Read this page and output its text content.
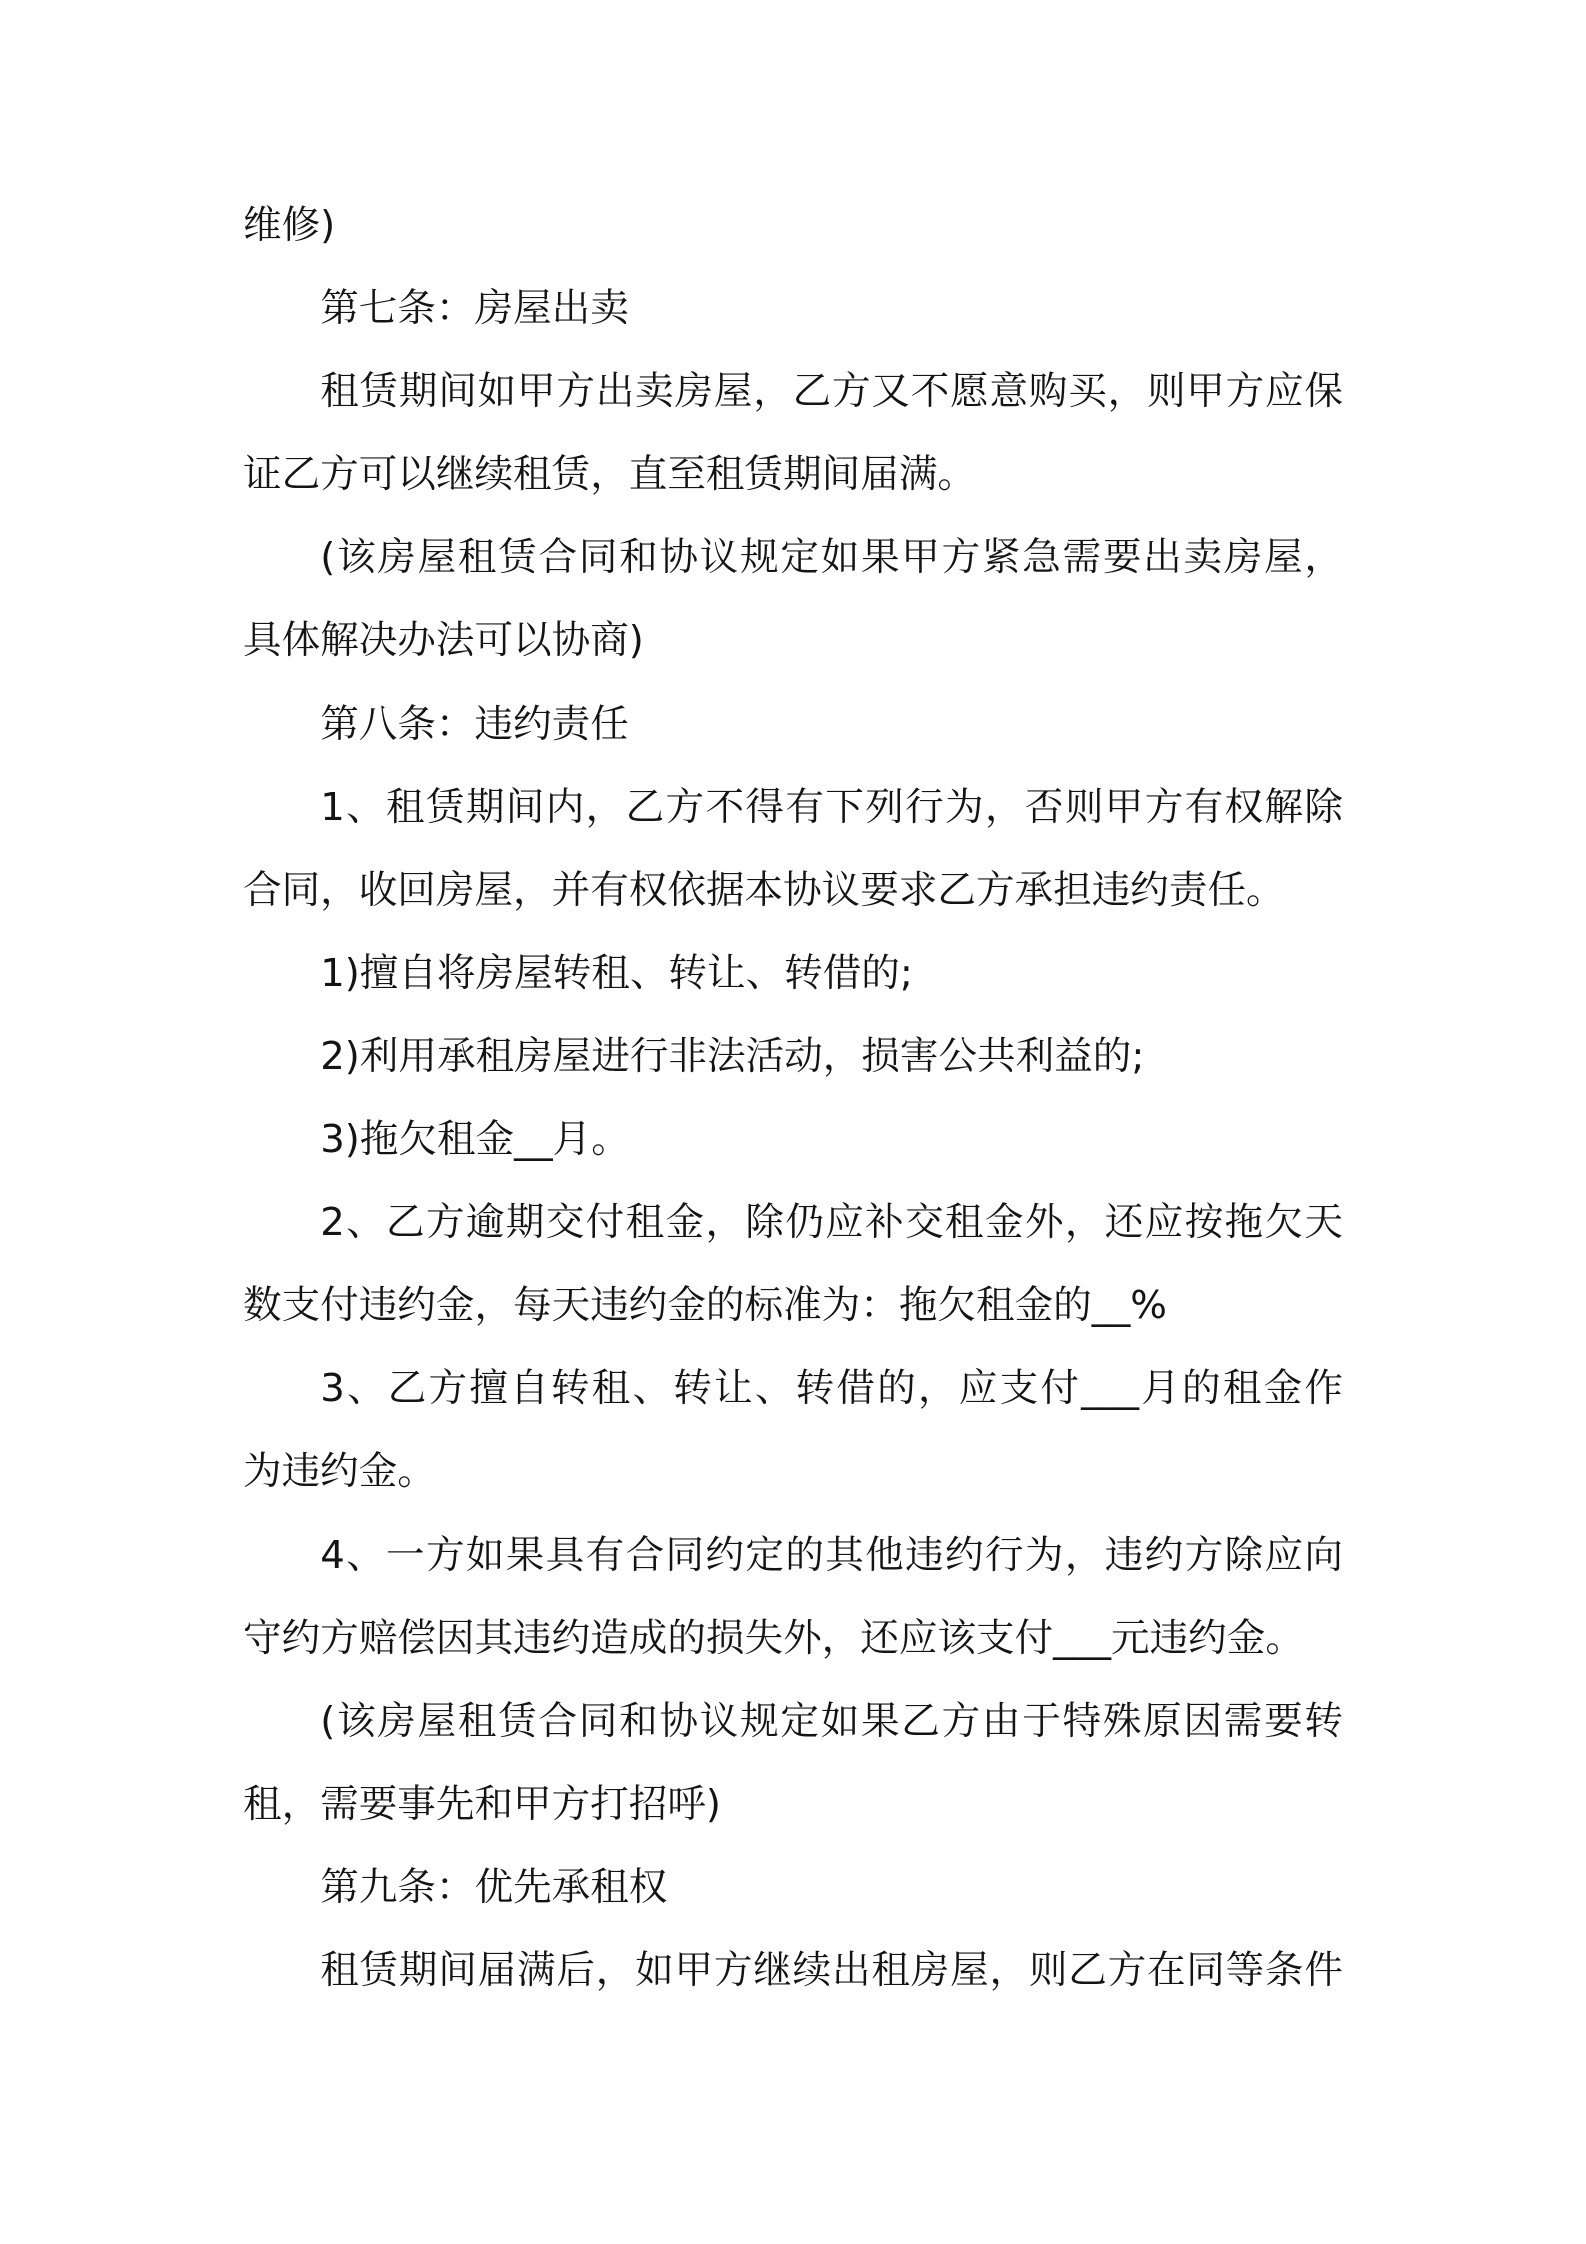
维修)
第七条：房屋出卖
租赁期间如甲方出卖房屋，乙方又不愿意购买，则甲方应保
证乙方可以继续租赁，直至租赁期间届满。
(该房屋租赁合同和协议规定如果甲方紧急需要出卖房屋，
具体解决办法可以协商)
第八条：违约责任
1、租赁期间内，乙方不得有下列行为，否则甲方有权解除
合同，收回房屋，并有权依据本协议要求乙方承担违约责任。
1)擅自将房屋转租、转让、转借的;
2)利用承租房屋进行非法活动，损害公共利益的;
3)拖欠租金__月。
2、乙方逾期交付租金，除仍应补交租金外，还应按拖欠天
数支付违约金，每天违约金的标准为：拖欠租金的__%
3、乙方擅自转租、转让、转借的，应支付___月的租金作
为违约金。
4、一方如果具有合同约定的其他违约行为，违约方除应向
守约方赔偿因其违约造成的损失外，还应该支付___元违约金。
(该房屋租赁合同和协议规定如果乙方由于特殊原因需要转
租，需要事先和甲方打招呼)
第九条：优先承租权
租赁期间届满后，如甲方继续出租房屋，则乙方在同等条件
